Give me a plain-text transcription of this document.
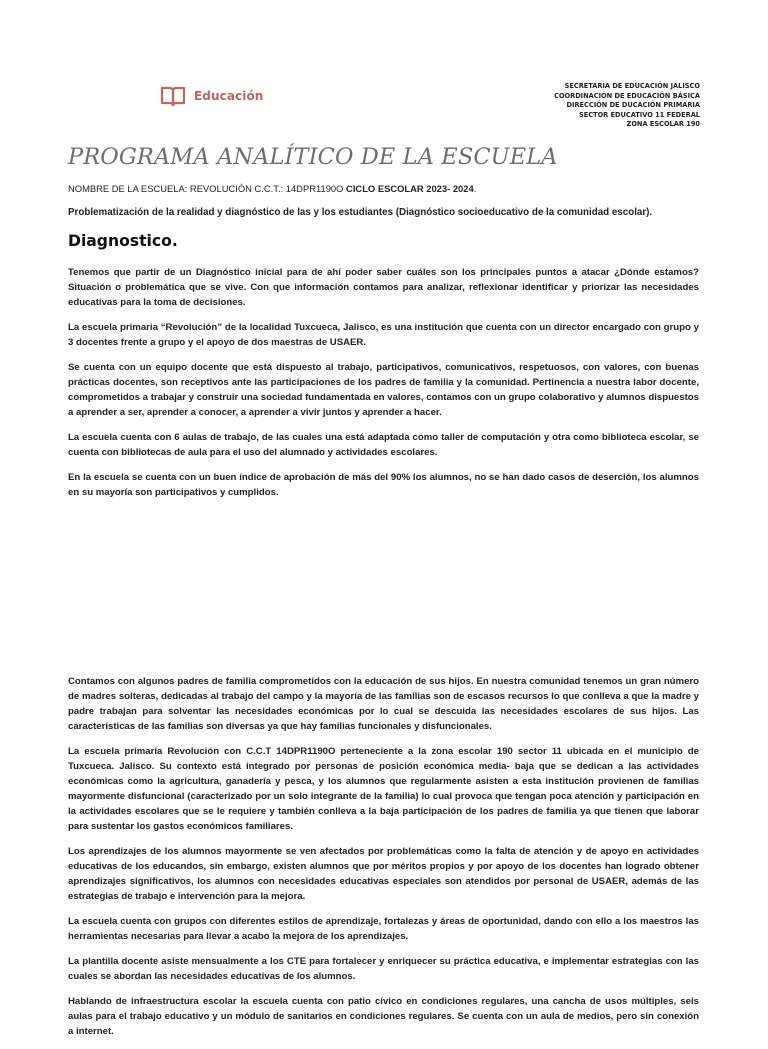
Educación
SECRETARIA DE EDUCACIÓN JALISCO
COORDINACIÓN DE EDUCACIÓN BÁSICA
DIRECCIÓN DE DUCACIÓN PRIMARIA
SECTOR EDUCATIVO 11 FEDERAL
ZONA ESCOLAR 190
PROGRAMA ANALÍTICO DE LA ESCUELA
NOMBRE DE LA ESCUELA: REVOLUCIÓN C.C.T.: 14DPR1190O CICLO ESCOLAR 2023- 2024.
Problematización de la realidad y diagnóstico de las y los estudiantes (Diagnóstico socioeducativo de la comunidad escolar).
Diagnostico.

Tenemos que partir de un Diagnóstico inicial para de ahí poder saber cuáles son los principales puntos a atacar ¿Dónde estamos? Situación o problemática que se vive. Con que información contamos para analizar, reflexionar identificar y priorizar las necesidades educativas para la toma de decisiones.

La escuela primaria “Revolución” de la localidad Tuxcueca, Jalisco, es una institución que cuenta con un director encargado con grupo y 3 docentes frente a grupo y el apoyo de dos maestras de USAER.

Se cuenta con un equipo docente que está dispuesto al trabajo, participativos, comunicativos, respetuosos, con valores, con buenas prácticas docentes, son receptivos ante las participaciones de los padres de familia y la comunidad. Pertinencia a nuestra labor docente, comprometidos a trabajar y construir una sociedad fundamentada en valores, contamos con un grupo colaborativo y alumnos dispuestos a aprender a ser, aprender a conocer, a aprender a vivir juntos y aprender a hacer.

La escuela cuenta con 6 aulas de trabajo, de las cuales una está adaptada como taller de computación y otra como biblioteca escolar, se cuenta con bibliotecas de aula para el uso del alumnado y actividades escolares.

En la escuela se cuenta con un buen índice de aprobación de más del 90% los alumnos, no se han dado casos de deserción, los alumnos en su mayoría son participativos y cumplidos.

Contamos con algunos padres de familia comprometidos con la educación de sus hijos. En nuestra comunidad tenemos un gran número de madres solteras, dedicadas al trabajo del campo y la mayoría de las familias son de escasos recursos lo que conlleva a que la madre y padre trabajan para solventar las necesidades económicas por lo cual se descuida las necesidades escolares de sus hijos. Las características de las familias son diversas ya que hay familias funcionales y disfuncionales.

La escuela primaria Revolución con C.C.T 14DPR1190O perteneciente a la zona escolar 190 sector 11 ubicada en el municipio de Tuxcueca. Jalisco. Su contexto está integrado por personas de posición económica media- baja que se dedican a las actividades económicas como la agricultura, ganadería y pesca, y los alumnos que regularmente asisten a esta institución provienen de familias mayormente disfuncional (caracterizado por un solo integrante de la familia) lo cual provoca que tengan poca atención y participación en la actividades escolares que se le requiere y también conlleva a la baja participación de los padres de familia ya que tienen que laborar para sustentar los gastos económicos familiares.

Los aprendizajes de los alumnos mayormente se ven afectados por problemáticas como la falta de atención y de apoyo en actividades educativas de los educandos, sin embargo, existen alumnos que por méritos propios y por apoyo de los docentes han logrado obtener aprendizajes significativos, los alumnos con necesidades educativas especiales son atendidos por personal de USAER, además de las estrategias de trabajo e intervención para la mejora.

La escuela cuenta con grupos con diferentes estilos de aprendizaje, fortalezas y áreas de oportunidad, dando con ello a los maestros las herramientas necesarias para llevar a acabo la mejora de los aprendizajes.

La plantilla docente asiste mensualmente a los CTE para fortalecer y enriquecer su práctica educativa, e implementar estrategias con las cuales se abordan las necesidades educativas de los alumnos.

Hablando de infraestructura escolar la escuela cuenta con patio cívico en condiciones regulares, una cancha de usos múltiples, seis aulas para el trabajo educativo y un módulo de sanitarios en condiciones regulares. Se cuenta con un aula de medios, pero sin conexión a internet.
